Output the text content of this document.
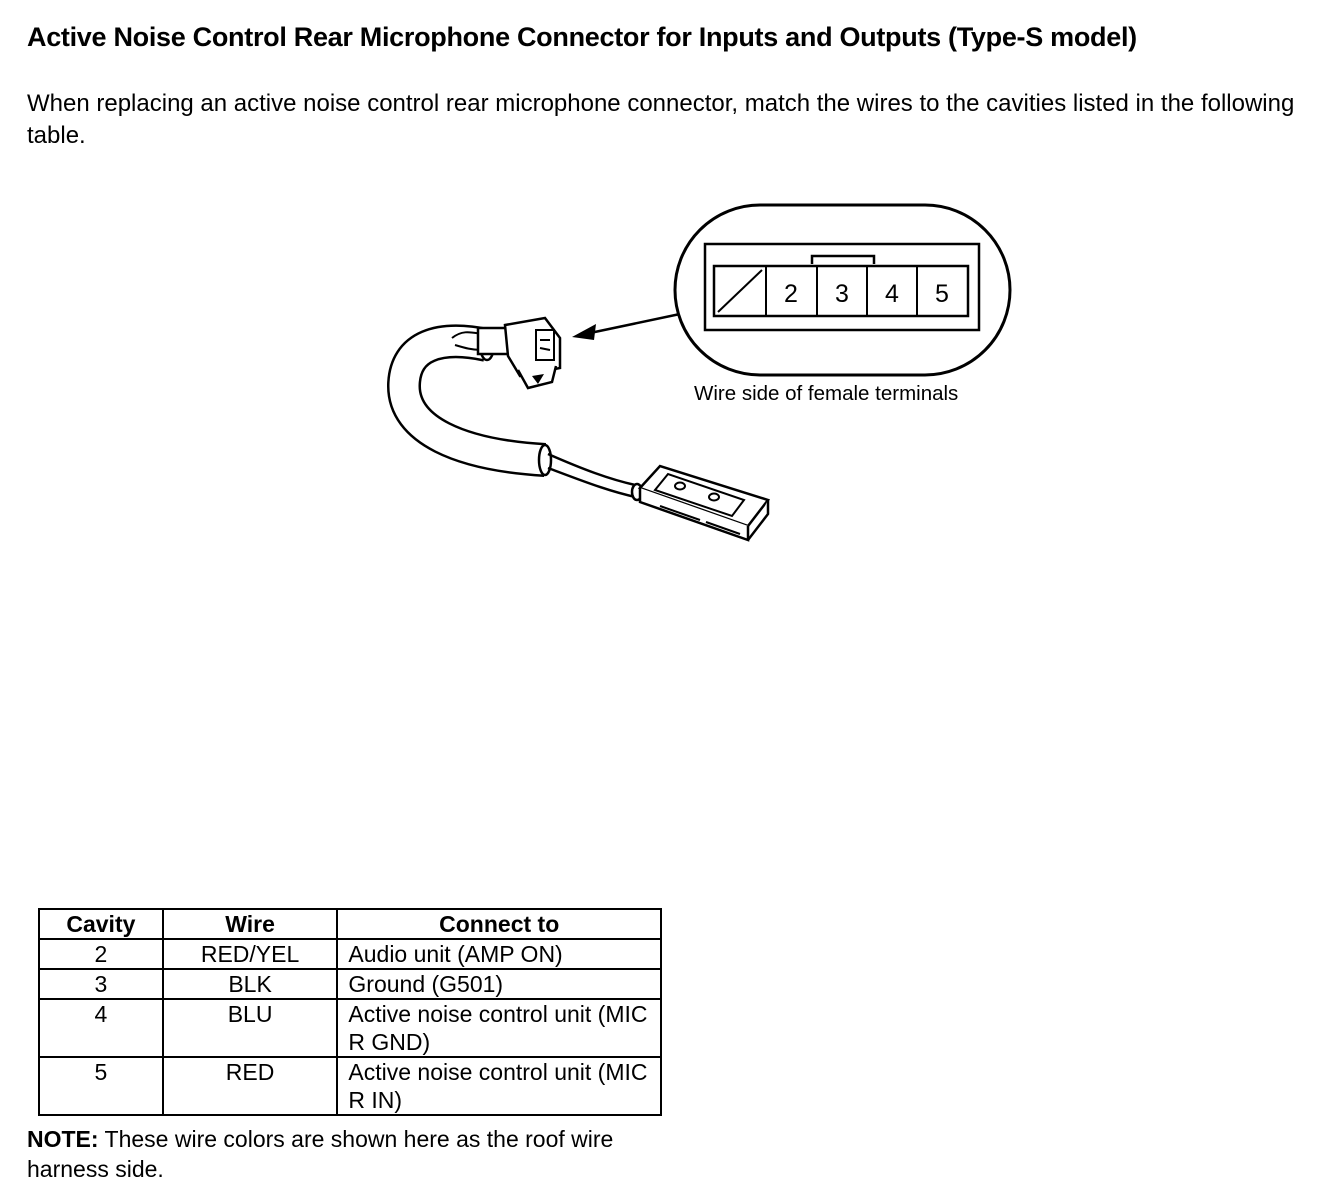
Active Noise Control Rear Microphone Connector for Inputs and Outputs (Type-S model)
When replacing an active noise control rear microphone connector, match the wires to the cavities listed in the following table.
2 3 4 5
Wire side of female terminals
Cavity	Wire	Connect to
2	RED/YEL	Audio unit (AMP ON)
3	BLK	Ground (G501)
4	BLU	Active noise control unit (MIC R GND)
5	RED	Active noise control unit (MIC R IN)
NOTE: These wire colors are shown here as the roof wire harness side.
